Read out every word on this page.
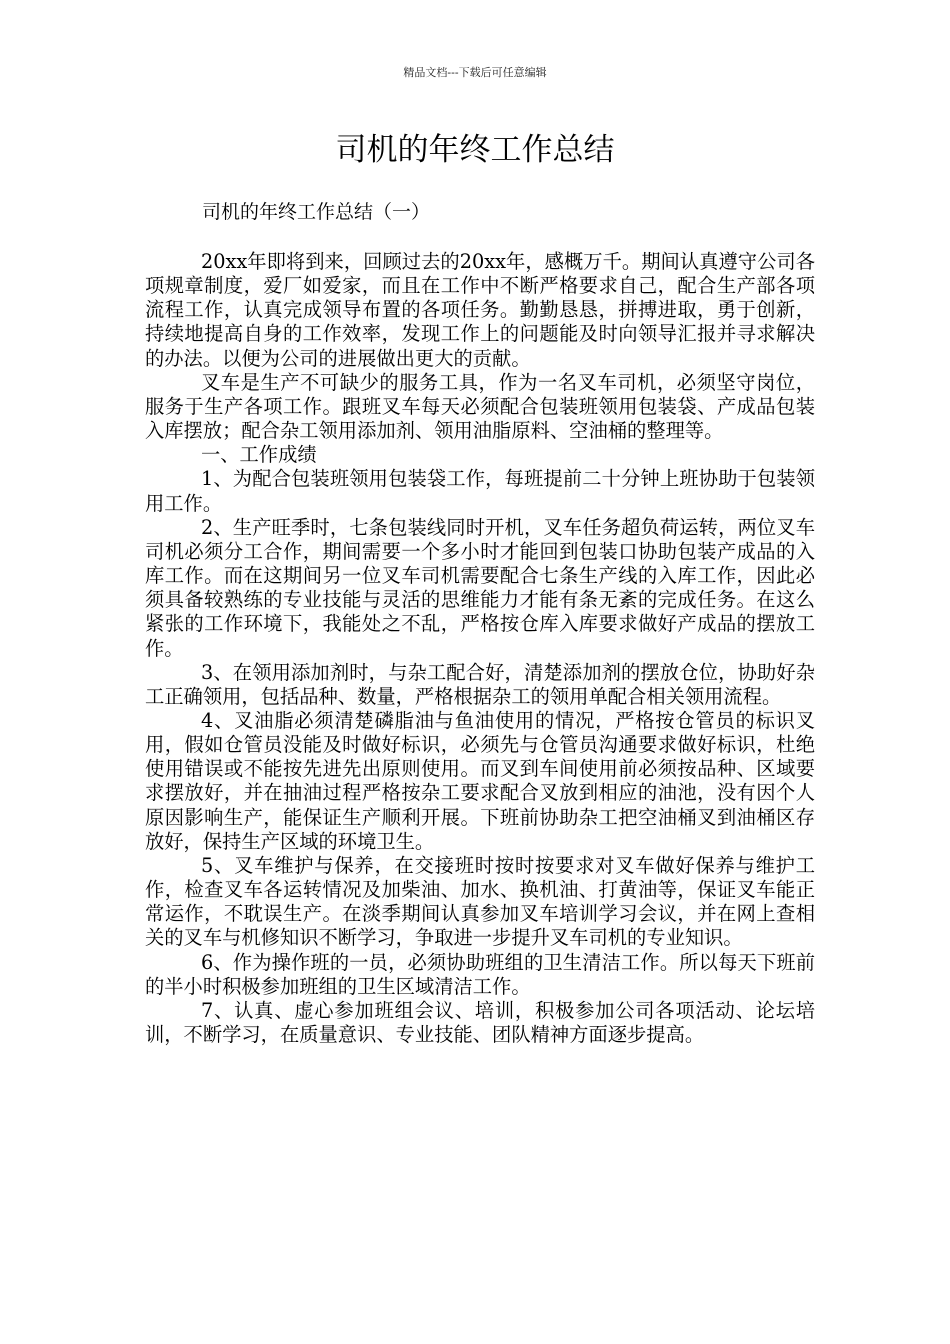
精品文档---下载后可任意编辑
司机的年终工作总结

司机的年终工作总结（一）

20xx年即将到来，回顾过去的20xx年，感概万千。期间认真遵守公司各项规章制度，爱厂如爱家，而且在工作中不断严格要求自己，配合生产部各项流程工作，认真完成领导布置的各项任务。勤勤恳恳，拼搏进取，勇于创新，持续地提高自身的工作效率，发现工作上的问题能及时向领导汇报并寻求解决的办法。以便为公司的进展做出更大的贡献。

叉车是生产不可缺少的服务工具，作为一名叉车司机，必须坚守岗位，服务于生产各项工作。跟班叉车每天必须配合包装班领用包装袋、产成品包装入库摆放；配合杂工领用添加剂、领用油脂原料、空油桶的整理等。

一、工作成绩

1、为配合包装班领用包装袋工作，每班提前二十分钟上班协助于包装领用工作。

2、生产旺季时，七条包装线同时开机，叉车任务超负荷运转，两位叉车司机必须分工合作，期间需要一个多小时才能回到包装口协助包装产成品的入库工作。而在这期间另一位叉车司机需要配合七条生产线的入库工作，因此必须具备较熟练的专业技能与灵活的思维能力才能有条无紊的完成任务。在这么紧张的工作环境下，我能处之不乱，严格按仓库入库要求做好产成品的摆放工作。

3、在领用添加剂时，与杂工配合好，清楚添加剂的摆放仓位，协助好杂工正确领用，包括品种、数量，严格根据杂工的领用单配合相关领用流程。

4、叉油脂必须清楚磷脂油与鱼油使用的情况，严格按仓管员的标识叉用，假如仓管员没能及时做好标识，必须先与仓管员沟通要求做好标识，杜绝使用错误或不能按先进先出原则使用。而叉到车间使用前必须按品种、区域要求摆放好，并在抽油过程严格按杂工要求配合叉放到相应的油池，没有因个人原因影响生产，能保证生产顺利开展。下班前协助杂工把空油桶叉到油桶区存放好，保持生产区域的环境卫生。

5、叉车维护与保养，在交接班时按时按要求对叉车做好保养与维护工作，检查叉车各运转情况及加柴油、加水、换机油、打黄油等，保证叉车能正常运作，不耽误生产。在淡季期间认真参加叉车培训学习会议，并在网上查相关的叉车与机修知识不断学习，争取进一步提升叉车司机的专业知识。

6、作为操作班的一员，必须协助班组的卫生清洁工作。所以每天下班前的半小时积极参加班组的卫生区域清洁工作。

7、认真、虚心参加班组会议、培训，积极参加公司各项活动、论坛培训，不断学习，在质量意识、专业技能、团队精神方面逐步提高。
